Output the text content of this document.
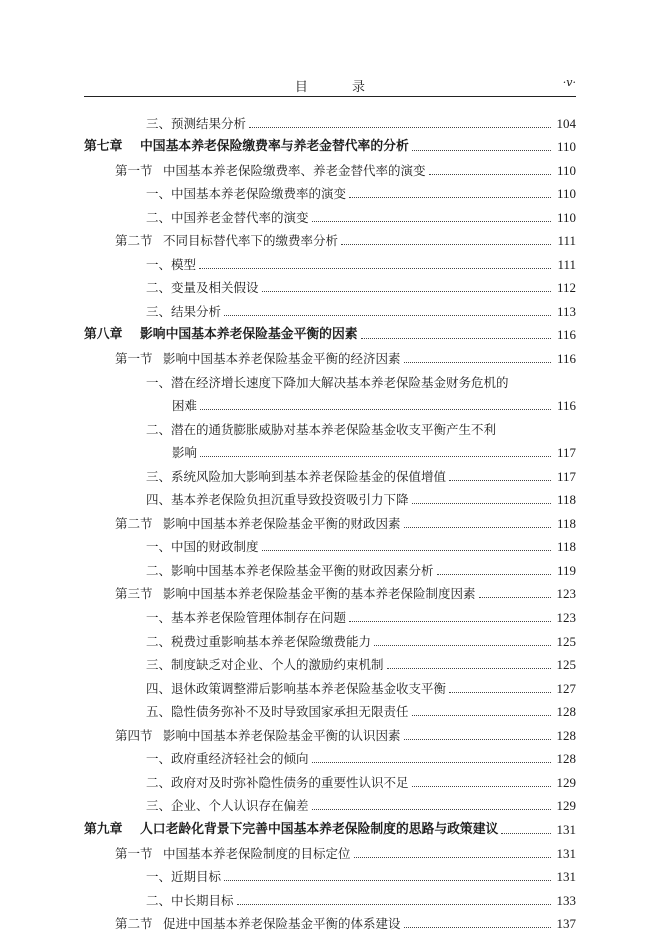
目 录	·v·
三、预测结果分析	104
第七章 中国基本养老保险缴费率与养老金替代率的分析	110
第一节 中国基本养老保险缴费率、养老金替代率的演变	110
一、中国基本养老保险缴费率的演变	110
二、中国养老金替代率的演变	110
第二节 不同目标替代率下的缴费率分析	111
一、模型	111
二、变量及相关假设	112
三、结果分析	113
第八章 影响中国基本养老保险基金平衡的因素	116
第一节 影响中国基本养老保险基金平衡的经济因素	116
一、潜在经济增长速度下降加大解决基本养老保险基金财务危机的
困难	116
二、潜在的通货膨胀威胁对基本养老保险基金收支平衡产生不利
影响	117
三、系统风险加大影响到基本养老保险基金的保值增值	117
四、基本养老保险负担沉重导致投资吸引力下降	118
第二节 影响中国基本养老保险基金平衡的财政因素	118
一、中国的财政制度	118
二、影响中国基本养老保险基金平衡的财政因素分析	119
第三节 影响中国基本养老保险基金平衡的基本养老保险制度因素	123
一、基本养老保险管理体制存在问题	123
二、税费过重影响基本养老保险缴费能力	125
三、制度缺乏对企业、个人的激励约束机制	125
四、退休政策调整滞后影响基本养老保险基金收支平衡	127
五、隐性债务弥补不及时导致国家承担无限责任	128
第四节 影响中国基本养老保险基金平衡的认识因素	128
一、政府重经济轻社会的倾向	128
二、政府对及时弥补隐性债务的重要性认识不足	129
三、企业、个人认识存在偏差	129
第九章 人口老龄化背景下完善中国基本养老保险制度的思路与政策建议	131
第一节 中国基本养老保险制度的目标定位	131
一、近期目标	131
二、中长期目标	133
第二节 促进中国基本养老保险基金平衡的体系建设	137
